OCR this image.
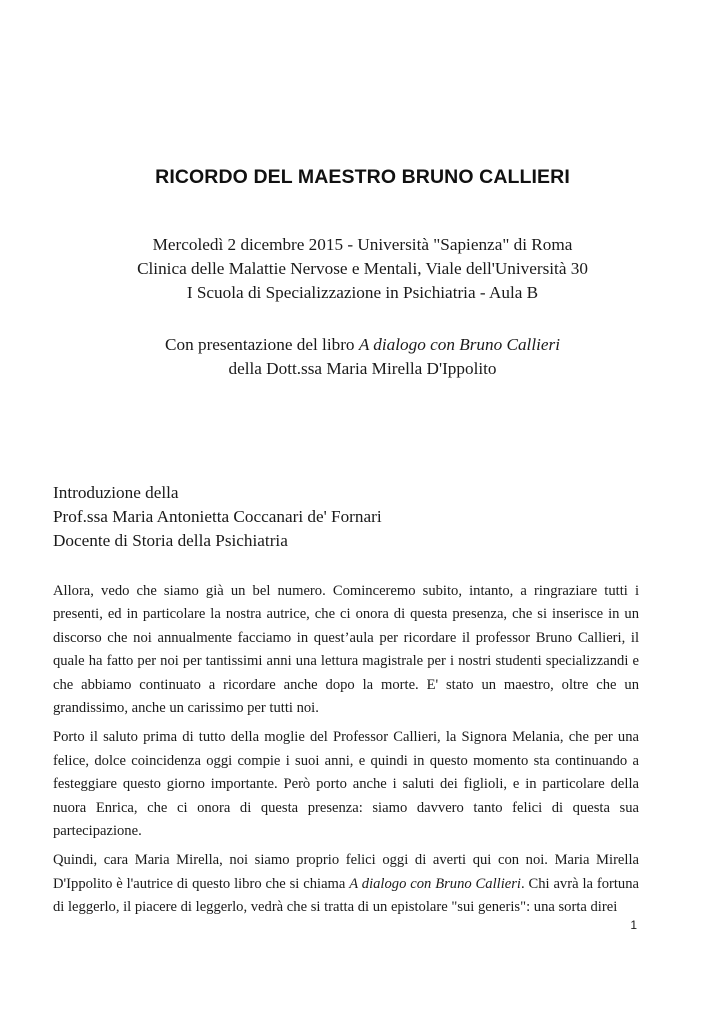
RICORDO DEL MAESTRO BRUNO CALLIERI
Mercoledì 2 dicembre 2015 - Università "Sapienza" di Roma
Clinica delle Malattie Nervose e Mentali, Viale dell'Università 30
I Scuola di Specializzazione in Psichiatria - Aula B
Con presentazione del libro A dialogo con Bruno Callieri
della Dott.ssa Maria Mirella D'Ippolito
Introduzione della
Prof.ssa Maria Antonietta Coccanari de' Fornari
Docente di Storia della Psichiatria

Allora, vedo che siamo già un bel numero. Cominceremo subito, intanto, a ringraziare tutti i presenti, ed in particolare la nostra autrice, che ci onora di questa presenza, che si inserisce in un discorso che noi annualmente facciamo in quest’aula per ricordare il professor Bruno Callieri, il quale ha fatto per noi per tantissimi anni una lettura magistrale per i nostri studenti specializzandi e che abbiamo continuato a ricordare anche dopo la morte. E' stato un maestro, oltre che un grandissimo, anche un carissimo per tutti noi.

Porto il saluto prima di tutto della moglie del Professor Callieri, la Signora Melania, che per una felice, dolce coincidenza oggi compie i suoi anni, e quindi in questo momento sta continuando a festeggiare questo giorno importante. Però porto anche i saluti dei figlioli, e in particolare della nuora Enrica, che ci onora di questa presenza: siamo davvero tanto felici di questa sua partecipazione.

Quindi, cara Maria Mirella, noi siamo proprio felici oggi di averti qui con noi. Maria Mirella D'Ippolito è l'autrice di questo libro che si chiama A dialogo con Bruno Callieri. Chi avrà la fortuna di leggerlo, il piacere di leggerlo, vedrà che si tratta di un epistolare "sui generis": una sorta direi

1
